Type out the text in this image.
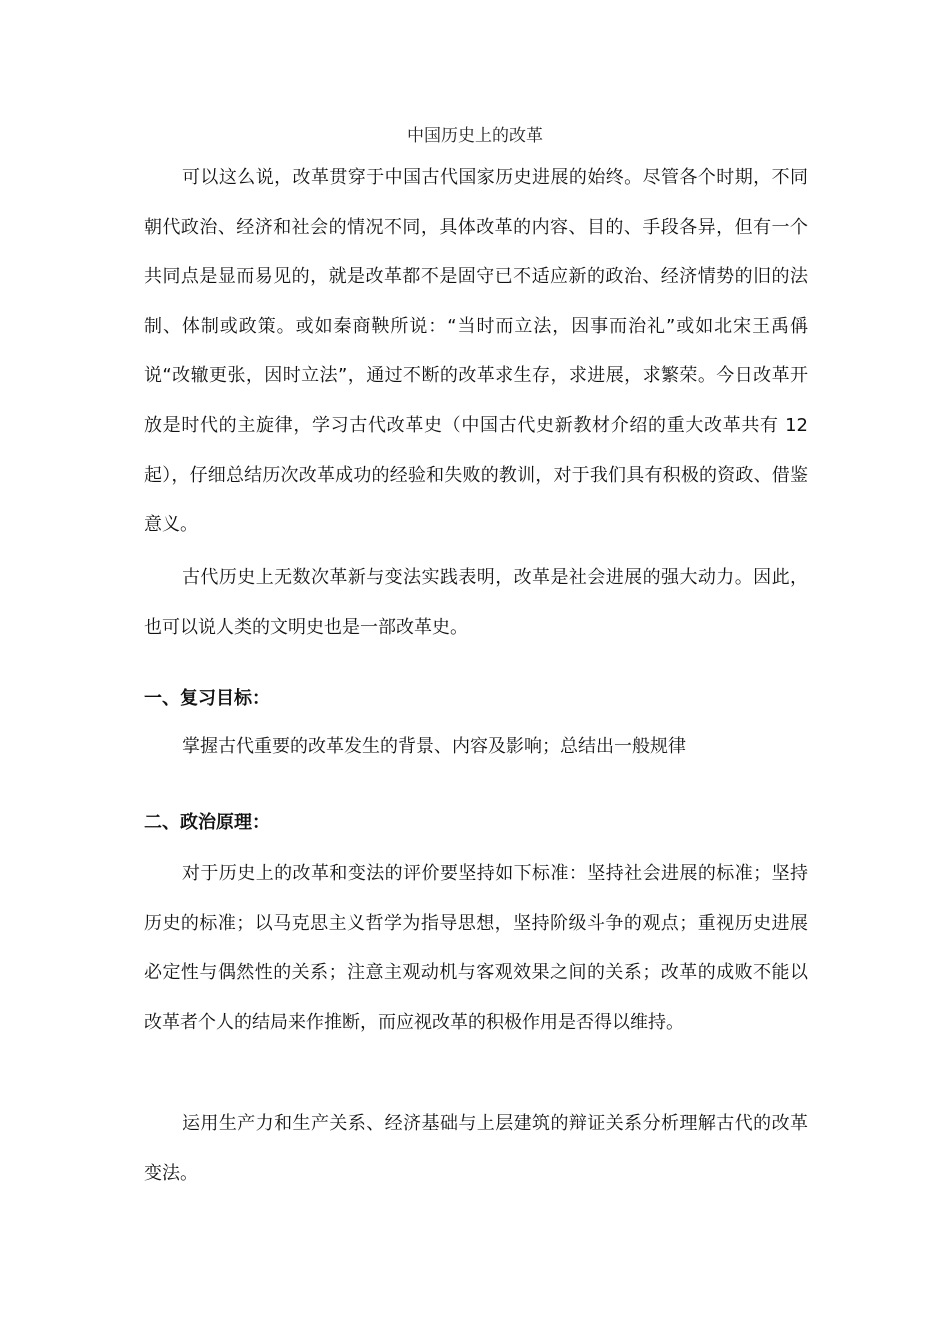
中国历史上的改革

可以这么说，改革贯穿于中国古代国家历史进展的始终。尽管各个时期，不同朝代政治、经济和社会的情况不同，具体改革的内容、目的、手段各异，但有一个共同点是显而易见的，就是改革都不是固守已不适应新的政治、经济情势的旧的法制、体制或政策。或如秦商鞅所说：“当时而立法，因事而治礼”或如北宋王禹偁说“改辙更张，因时立法”，通过不断的改革求生存，求进展，求繁荣。今日改革开放是时代的主旋律，学习古代改革史（中国古代史新教材介绍的重大改革共有 12 起），仔细总结历次改革成功的经验和失败的教训，对于我们具有积极的资政、借鉴意义。

古代历史上无数次革新与变法实践表明，改革是社会进展的强大动力。因此，也可以说人类的文明史也是一部改革史。

一、复习目标：

掌握古代重要的改革发生的背景、内容及影响；总结出一般规律

二、政治原理：

对于历史上的改革和变法的评价要坚持如下标准：坚持社会进展的标准；坚持历史的标准；以马克思主义哲学为指导思想，坚持阶级斗争的观点；重视历史进展必定性与偶然性的关系；注意主观动机与客观效果之间的关系；改革的成败不能以改革者个人的结局来作推断，而应视改革的积极作用是否得以维持。

运用生产力和生产关系、经济基础与上层建筑的辩证关系分析理解古代的改革变法。
